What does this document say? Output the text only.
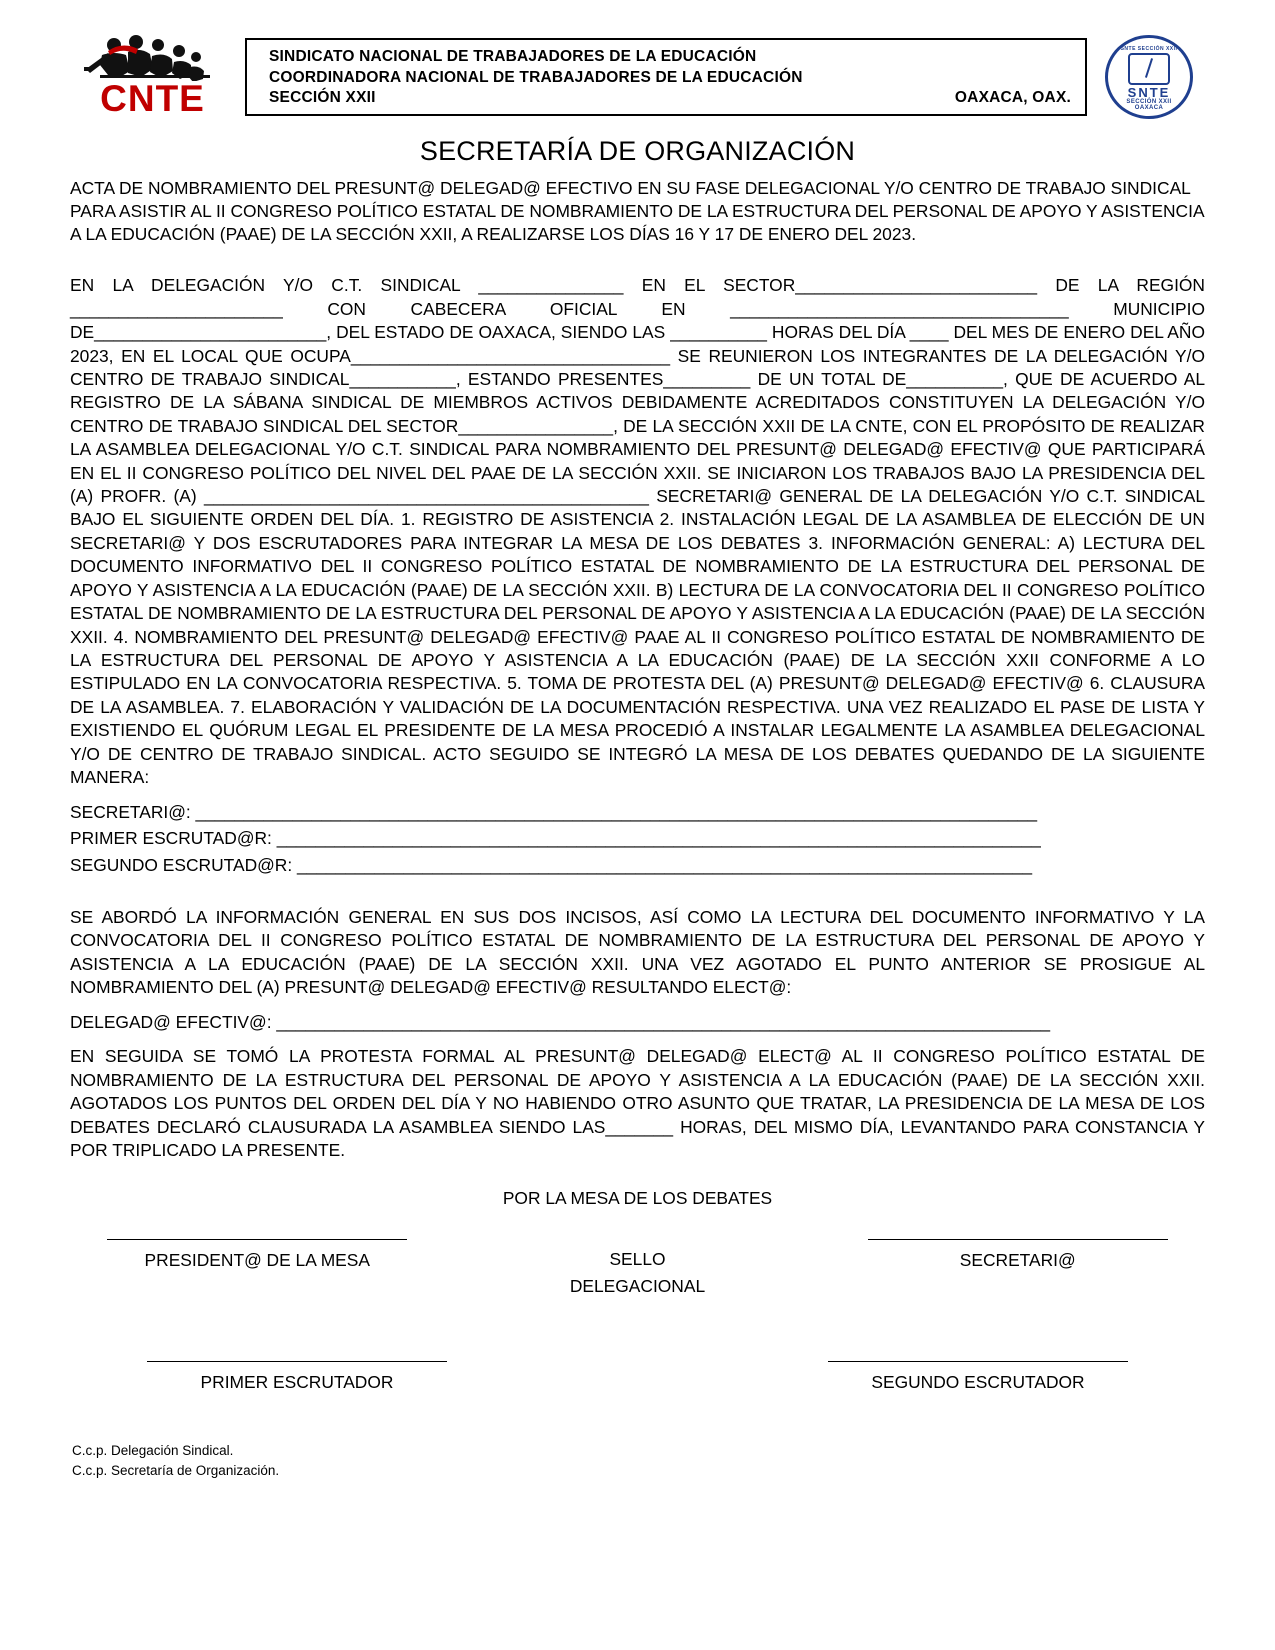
CNTE
SINDICATO NACIONAL DE TRABAJADORES DE LA EDUCACIÓN
COORDINADORA NACIONAL DE TRABAJADORES DE LA EDUCACIÓN
SECCIÓN XXII	OAXACA, OAX.
SNTE SECCIÓN XXII
SNTE
SECCIÓN XXII
OAXACA
SECRETARÍA DE ORGANIZACIÓN
ACTA DE NOMBRAMIENTO DEL PRESUNT@ DELEGAD@ EFECTIVO EN SU FASE DELEGACIONAL Y/O CENTRO DE TRABAJO SINDICAL PARA ASISTIR AL II CONGRESO POLÍTICO ESTATAL DE NOMBRAMIENTO DE LA ESTRUCTURA DEL PERSONAL DE APOYO Y ASISTENCIA A LA EDUCACIÓN (PAAE) DE LA SECCIÓN XXII, A REALIZARSE LOS DÍAS 16 Y 17 DE ENERO DEL 2023.
EN LA DELEGACIÓN Y/O C.T. SINDICAL _______________ EN EL SECTOR_________________________ DE LA REGIÓN ______________________ CON CABECERA OFICIAL EN ___________________________________ MUNICIPIO DE________________________, DEL ESTADO DE OAXACA, SIENDO LAS __________ HORAS DEL DÍA ____ DEL MES DE ENERO DEL AÑO 2023, EN EL LOCAL QUE OCUPA_________________________________ SE REUNIERON LOS INTEGRANTES DE LA DELEGACIÓN Y/O CENTRO DE TRABAJO SINDICAL___________, ESTANDO PRESENTES_________ DE UN TOTAL DE__________, QUE DE ACUERDO AL REGISTRO DE LA SÁBANA SINDICAL DE MIEMBROS ACTIVOS DEBIDAMENTE ACREDITADOS CONSTITUYEN LA DELEGACIÓN Y/O CENTRO DE TRABAJO SINDICAL DEL SECTOR________________, DE LA SECCIÓN XXII DE LA CNTE, CON EL PROPÓSITO DE REALIZAR LA ASAMBLEA DELEGACIONAL Y/O C.T. SINDICAL PARA NOMBRAMIENTO DEL PRESUNT@ DELEGAD@ EFECTIV@ QUE PARTICIPARÁ EN EL II CONGRESO POLÍTICO DEL NIVEL DEL PAAE DE LA SECCIÓN XXII. SE INICIARON LOS TRABAJOS BAJO LA PRESIDENCIA DEL (A) PROFR. (A) ______________________________________________ SECRETARI@ GENERAL DE LA DELEGACIÓN Y/O C.T. SINDICAL BAJO EL SIGUIENTE ORDEN DEL DÍA. 1. REGISTRO DE ASISTENCIA 2. INSTALACIÓN LEGAL DE LA ASAMBLEA DE ELECCIÓN DE UN SECRETARI@ Y DOS ESCRUTADORES PARA INTEGRAR LA MESA DE LOS DEBATES 3. INFORMACIÓN GENERAL: A) LECTURA DEL DOCUMENTO INFORMATIVO DEL II CONGRESO POLÍTICO ESTATAL DE NOMBRAMIENTO DE LA ESTRUCTURA DEL PERSONAL DE APOYO Y ASISTENCIA A LA EDUCACIÓN (PAAE) DE LA SECCIÓN XXII. B) LECTURA DE LA CONVOCATORIA DEL II CONGRESO POLÍTICO ESTATAL DE NOMBRAMIENTO DE LA ESTRUCTURA DEL PERSONAL DE APOYO Y ASISTENCIA A LA EDUCACIÓN (PAAE) DE LA SECCIÓN XXII. 4. NOMBRAMIENTO DEL PRESUNT@ DELEGAD@ EFECTIV@ PAAE AL II CONGRESO POLÍTICO ESTATAL DE NOMBRAMIENTO DE LA ESTRUCTURA DEL PERSONAL DE APOYO Y ASISTENCIA A LA EDUCACIÓN (PAAE) DE LA SECCIÓN XXII CONFORME A LO ESTIPULADO EN LA CONVOCATORIA RESPECTIVA. 5. TOMA DE PROTESTA DEL (A) PRESUNT@ DELEGAD@ EFECTIV@ 6. CLAUSURA DE LA ASAMBLEA. 7. ELABORACIÓN Y VALIDACIÓN DE LA DOCUMENTACIÓN RESPECTIVA. UNA VEZ REALIZADO EL PASE DE LISTA Y EXISTIENDO EL QUÓRUM LEGAL EL PRESIDENTE DE LA MESA PROCEDIÓ A INSTALAR LEGALMENTE LA ASAMBLEA DELEGACIONAL Y/O DE CENTRO DE TRABAJO SINDICAL. ACTO SEGUIDO SE INTEGRÓ LA MESA DE LOS DEBATES QUEDANDO DE LA SIGUIENTE MANERA:
SECRETARI@: _______________________________________________________________________________________
PRIMER ESCRUTAD@R: _______________________________________________________________________________
SEGUNDO ESCRUTAD@R: ____________________________________________________________________________
SE ABORDÓ LA INFORMACIÓN GENERAL EN SUS DOS INCISOS, ASÍ COMO LA LECTURA DEL DOCUMENTO INFORMATIVO Y LA CONVOCATORIA DEL II CONGRESO POLÍTICO ESTATAL DE NOMBRAMIENTO DE LA ESTRUCTURA DEL PERSONAL DE APOYO Y ASISTENCIA A LA EDUCACIÓN (PAAE) DE LA SECCIÓN XXII. UNA VEZ AGOTADO EL PUNTO ANTERIOR SE PROSIGUE AL NOMBRAMIENTO DEL (A) PRESUNT@ DELEGAD@ EFECTIV@ RESULTANDO ELECT@:
DELEGAD@ EFECTIV@: ________________________________________________________________________________
EN SEGUIDA SE TOMÓ LA PROTESTA FORMAL AL PRESUNT@ DELEGAD@ ELECT@ AL II CONGRESO POLÍTICO ESTATAL DE NOMBRAMIENTO DE LA ESTRUCTURA DEL PERSONAL DE APOYO Y ASISTENCIA A LA EDUCACIÓN (PAAE) DE LA SECCIÓN XXII. AGOTADOS LOS PUNTOS DEL ORDEN DEL DÍA Y NO HABIENDO OTRO ASUNTO QUE TRATAR, LA PRESIDENCIA DE LA MESA DE LOS DEBATES DECLARÓ CLAUSURADA LA ASAMBLEA SIENDO LAS_______ HORAS, DEL MISMO DÍA, LEVANTANDO PARA CONSTANCIA Y POR TRIPLICADO LA PRESENTE.
POR LA MESA DE LOS DEBATES
PRESIDENT@ DE LA MESA	SELLO
DELEGACIONAL
SECRETARI@
PRIMER ESCRUTADOR	SEGUNDO ESCRUTADOR
C.c.p. Delegación Sindical.
C.c.p. Secretaría de Organización.
